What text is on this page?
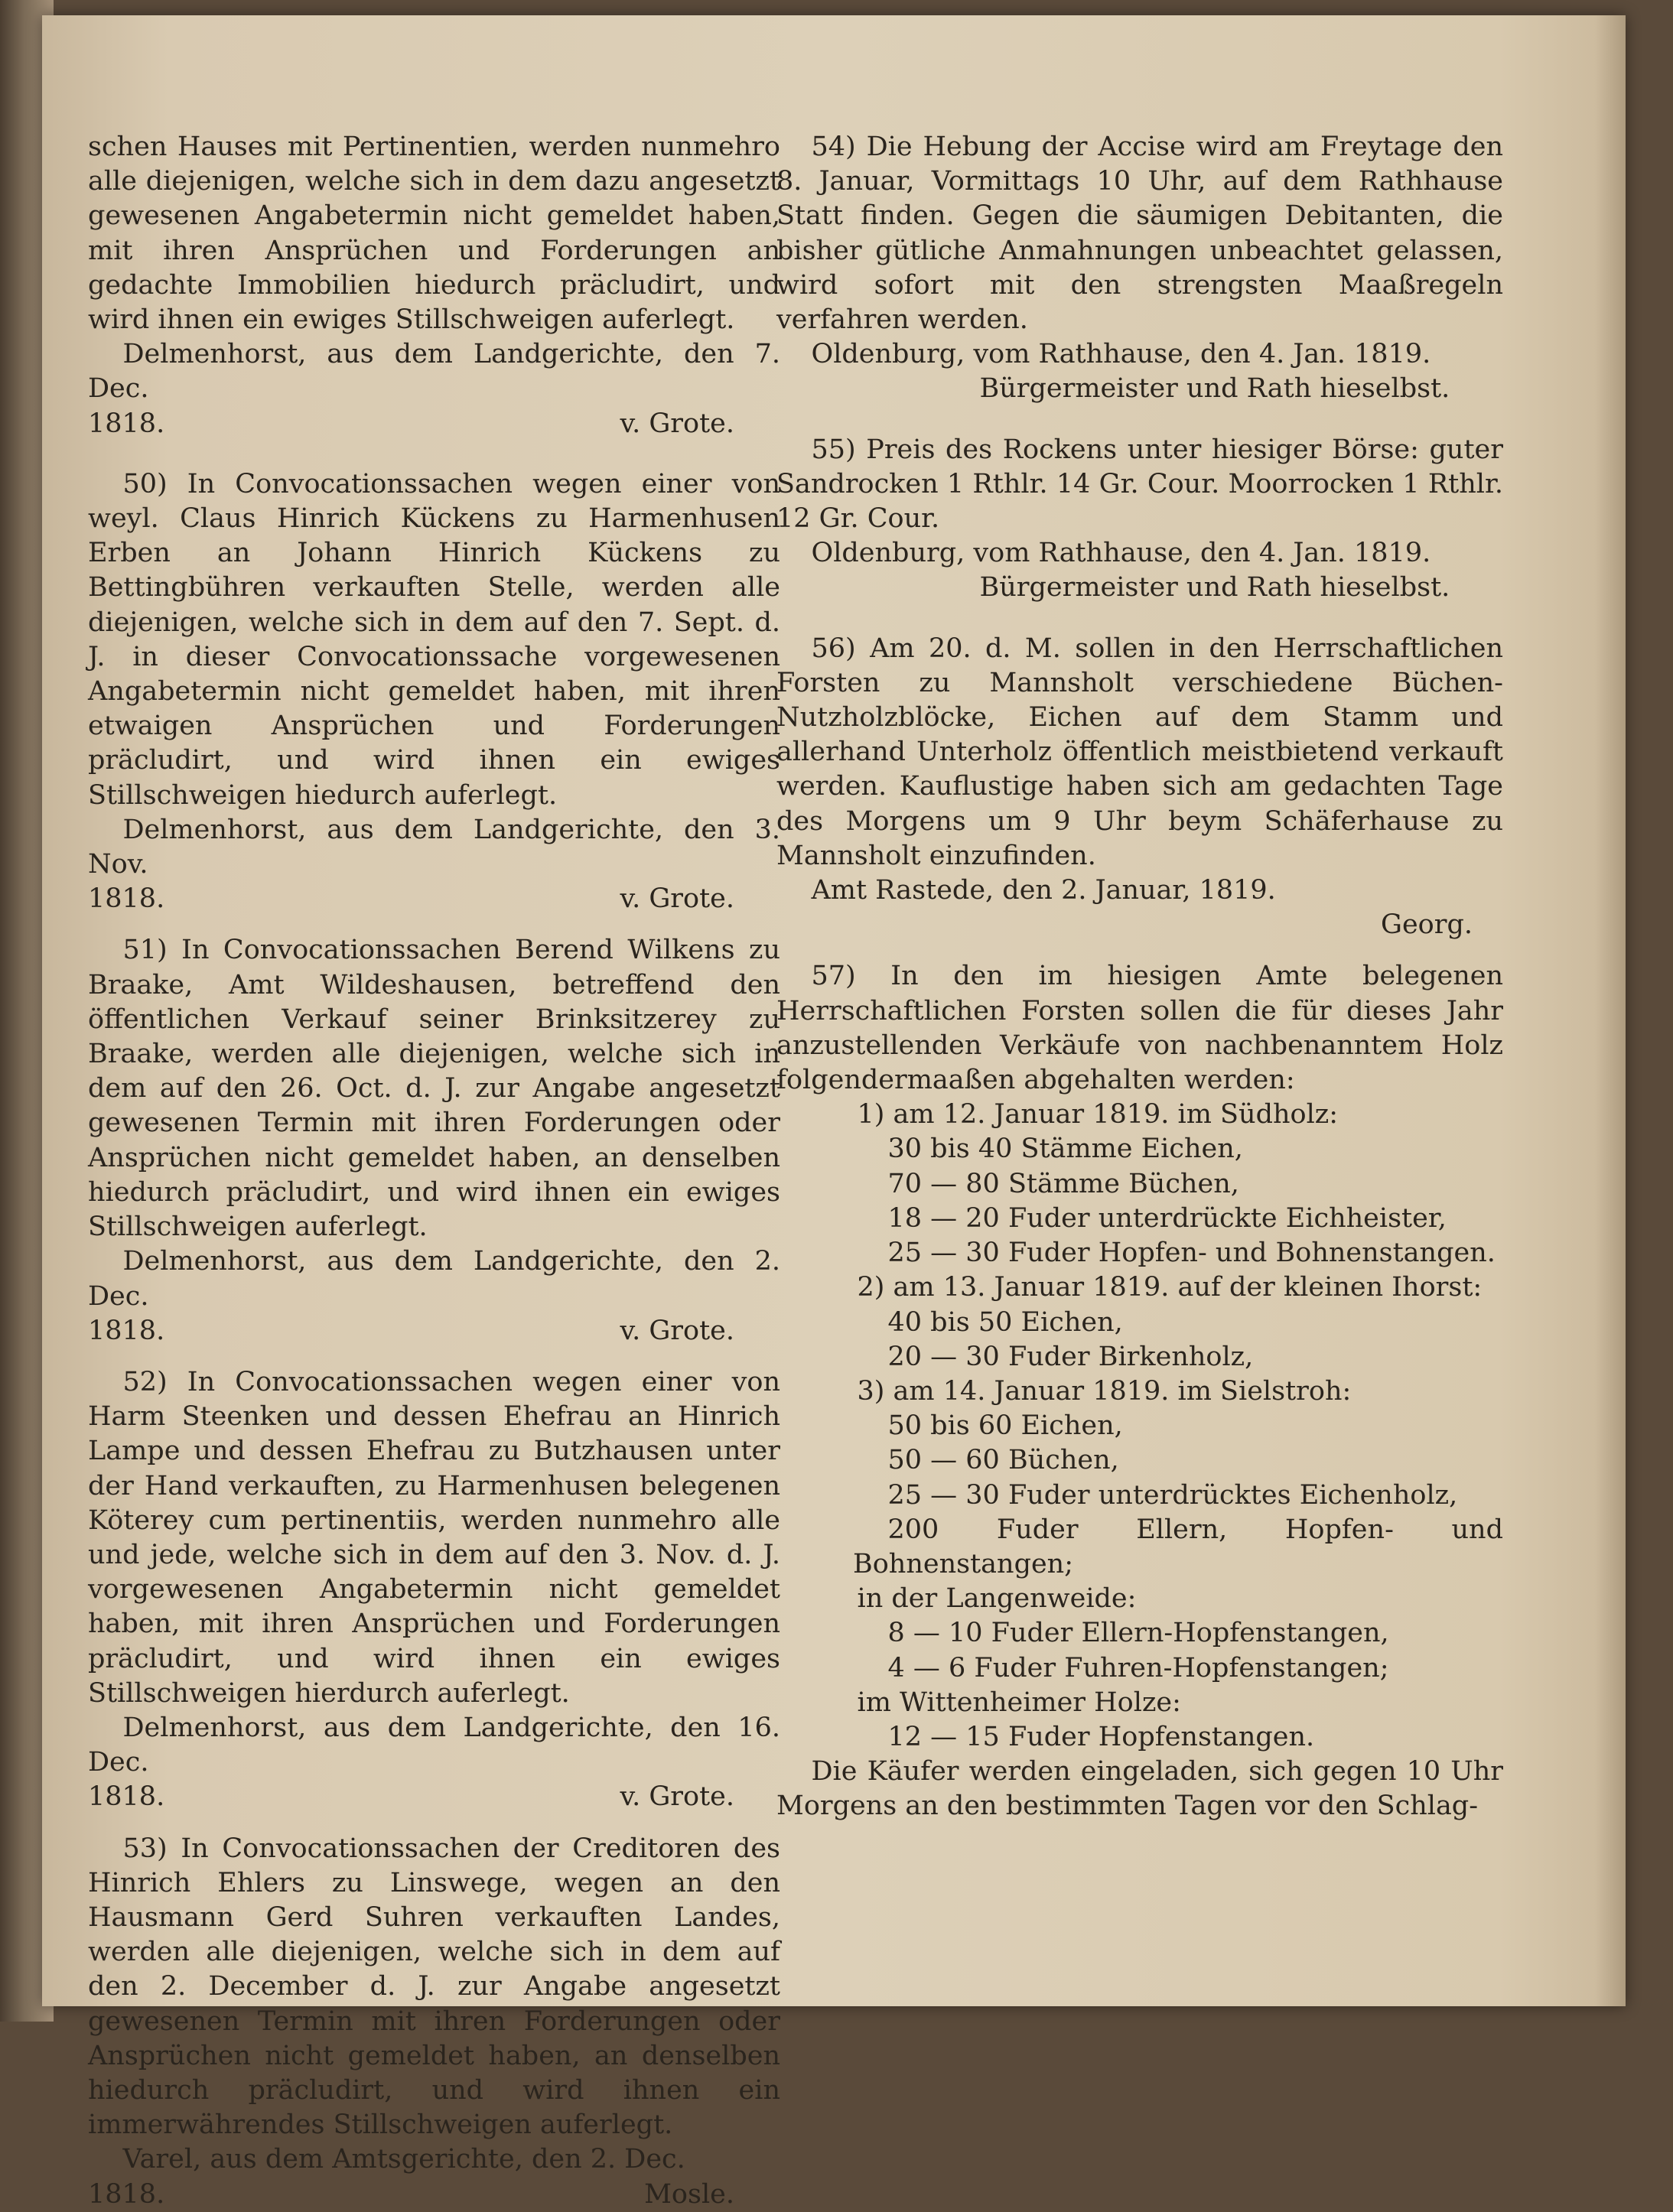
schen Hauses mit Pertinentien, werden nunmehro alle diejenigen, welche sich in dem dazu angesetzt gewesenen Angabetermin nicht gemeldet haben, mit ihren Ansprüchen und Forderungen an gedachte Immobilien hiedurch präcludirt, und wird ihnen ein ewiges Stillschweigen auferlegt.

Delmenhorst, aus dem Landgerichte, den 7. Dec.

1818.	v. Grote.

50) In Convocationssachen wegen einer von weyl. Claus Hinrich Kückens zu Harmenhusen Erben an Johann Hinrich Kückens zu Bettingbühren verkauften Stelle, werden alle diejenigen, welche sich in dem auf den 7. Sept. d. J. in dieser Convocationssache vorgewesenen Angabetermin nicht gemeldet haben, mit ihren etwaigen Ansprüchen und Forderungen präcludirt, und wird ihnen ein ewiges Stillschweigen hiedurch auferlegt.

Delmenhorst, aus dem Landgerichte, den 3. Nov.

1818.	v. Grote.

51) In Convocationssachen Berend Wilkens zu Braake, Amt Wildeshausen, betreffend den öffentlichen Verkauf seiner Brinksitzerey zu Braake, werden alle diejenigen, welche sich in dem auf den 26. Oct. d. J. zur Angabe angesetzt gewesenen Termin mit ihren Forderungen oder Ansprüchen nicht gemeldet haben, an denselben hiedurch präcludirt, und wird ihnen ein ewiges Stillschweigen auferlegt.

Delmenhorst, aus dem Landgerichte, den 2. Dec.

1818.	v. Grote.

52) In Convocationssachen wegen einer von Harm Steenken und dessen Ehefrau an Hinrich Lampe und dessen Ehefrau zu Butzhausen unter der Hand verkauften, zu Harmenhusen belegenen Köterey cum pertinentiis, werden nunmehro alle und jede, welche sich in dem auf den 3. Nov. d. J. vorgewesenen Angabetermin nicht gemeldet haben, mit ihren Ansprüchen und Forderungen präcludirt, und wird ihnen ein ewiges Stillschweigen hierdurch auferlegt.

Delmenhorst, aus dem Landgerichte, den 16. Dec.

1818.	v. Grote.

53) In Convocationssachen der Creditoren des Hinrich Ehlers zu Linswege, wegen an den Hausmann Gerd Suhren verkauften Landes, werden alle diejenigen, welche sich in dem auf den 2. December d. J. zur Angabe angesetzt gewesenen Termin mit ihren Forderungen oder Ansprüchen nicht gemeldet haben, an denselben hiedurch präcludirt, und wird ihnen ein immerwährendes Stillschweigen auferlegt.

Varel, aus dem Amtsgerichte, den 2. Dec.

1818.	Mosle.

54) Die Hebung der Accise wird am Freytage den 8. Januar, Vormittags 10 Uhr, auf dem Rathhause Statt finden. Gegen die säumigen Debitanten, die bisher gütliche Anmahnungen unbeachtet gelassen, wird sofort mit den strengsten Maaßregeln verfahren werden.

Oldenburg, vom Rathhause, den 4. Jan. 1819.

Bürgermeister und Rath hieselbst.

55) Preis des Rockens unter hiesiger Börse: guter Sandrocken 1 Rthlr. 14 Gr. Cour. Moorrocken 1 Rthlr. 12 Gr. Cour.

Oldenburg, vom Rathhause, den 4. Jan. 1819.

Bürgermeister und Rath hieselbst.

56) Am 20. d. M. sollen in den Herrschaftlichen Forsten zu Mannsholt verschiedene Büchen-Nutzholzblöcke, Eichen auf dem Stamm und allerhand Unterholz öffentlich meistbietend verkauft werden. Kauflustige haben sich am gedachten Tage des Morgens um 9 Uhr beym Schäferhause zu Mannsholt einzufinden.

Amt Rastede, den 2. Januar, 1819.

Georg.

57) In den im hiesigen Amte belegenen Herrschaftlichen Forsten sollen die für dieses Jahr anzustellenden Verkäufe von nachbenanntem Holz folgendermaaßen abgehalten werden:

1) am 12. Januar 1819. im Südholz:

30 bis 40 Stämme Eichen,

70 — 80 Stämme Büchen,

18 — 20 Fuder unterdrückte Eichheister,

25 — 30 Fuder Hopfen- und Bohnenstangen.

2) am 13. Januar 1819. auf der kleinen Ihorst:

40 bis 50 Eichen,

20 — 30 Fuder Birkenholz,

3) am 14. Januar 1819. im Sielstroh:

50 bis 60 Eichen,

50 — 60 Büchen,

25 — 30 Fuder unterdrücktes Eichenholz,

200 Fuder Ellern, Hopfen- und Bohnenstangen;

in der Langenweide:

8 — 10 Fuder Ellern-Hopfenstangen,

4 — 6 Fuder Fuhren-Hopfenstangen;

im Wittenheimer Holze:

12 — 15 Fuder Hopfenstangen.

Die Käufer werden eingeladen, sich gegen 10 Uhr Morgens an den bestimmten Tagen vor den Schlag-
